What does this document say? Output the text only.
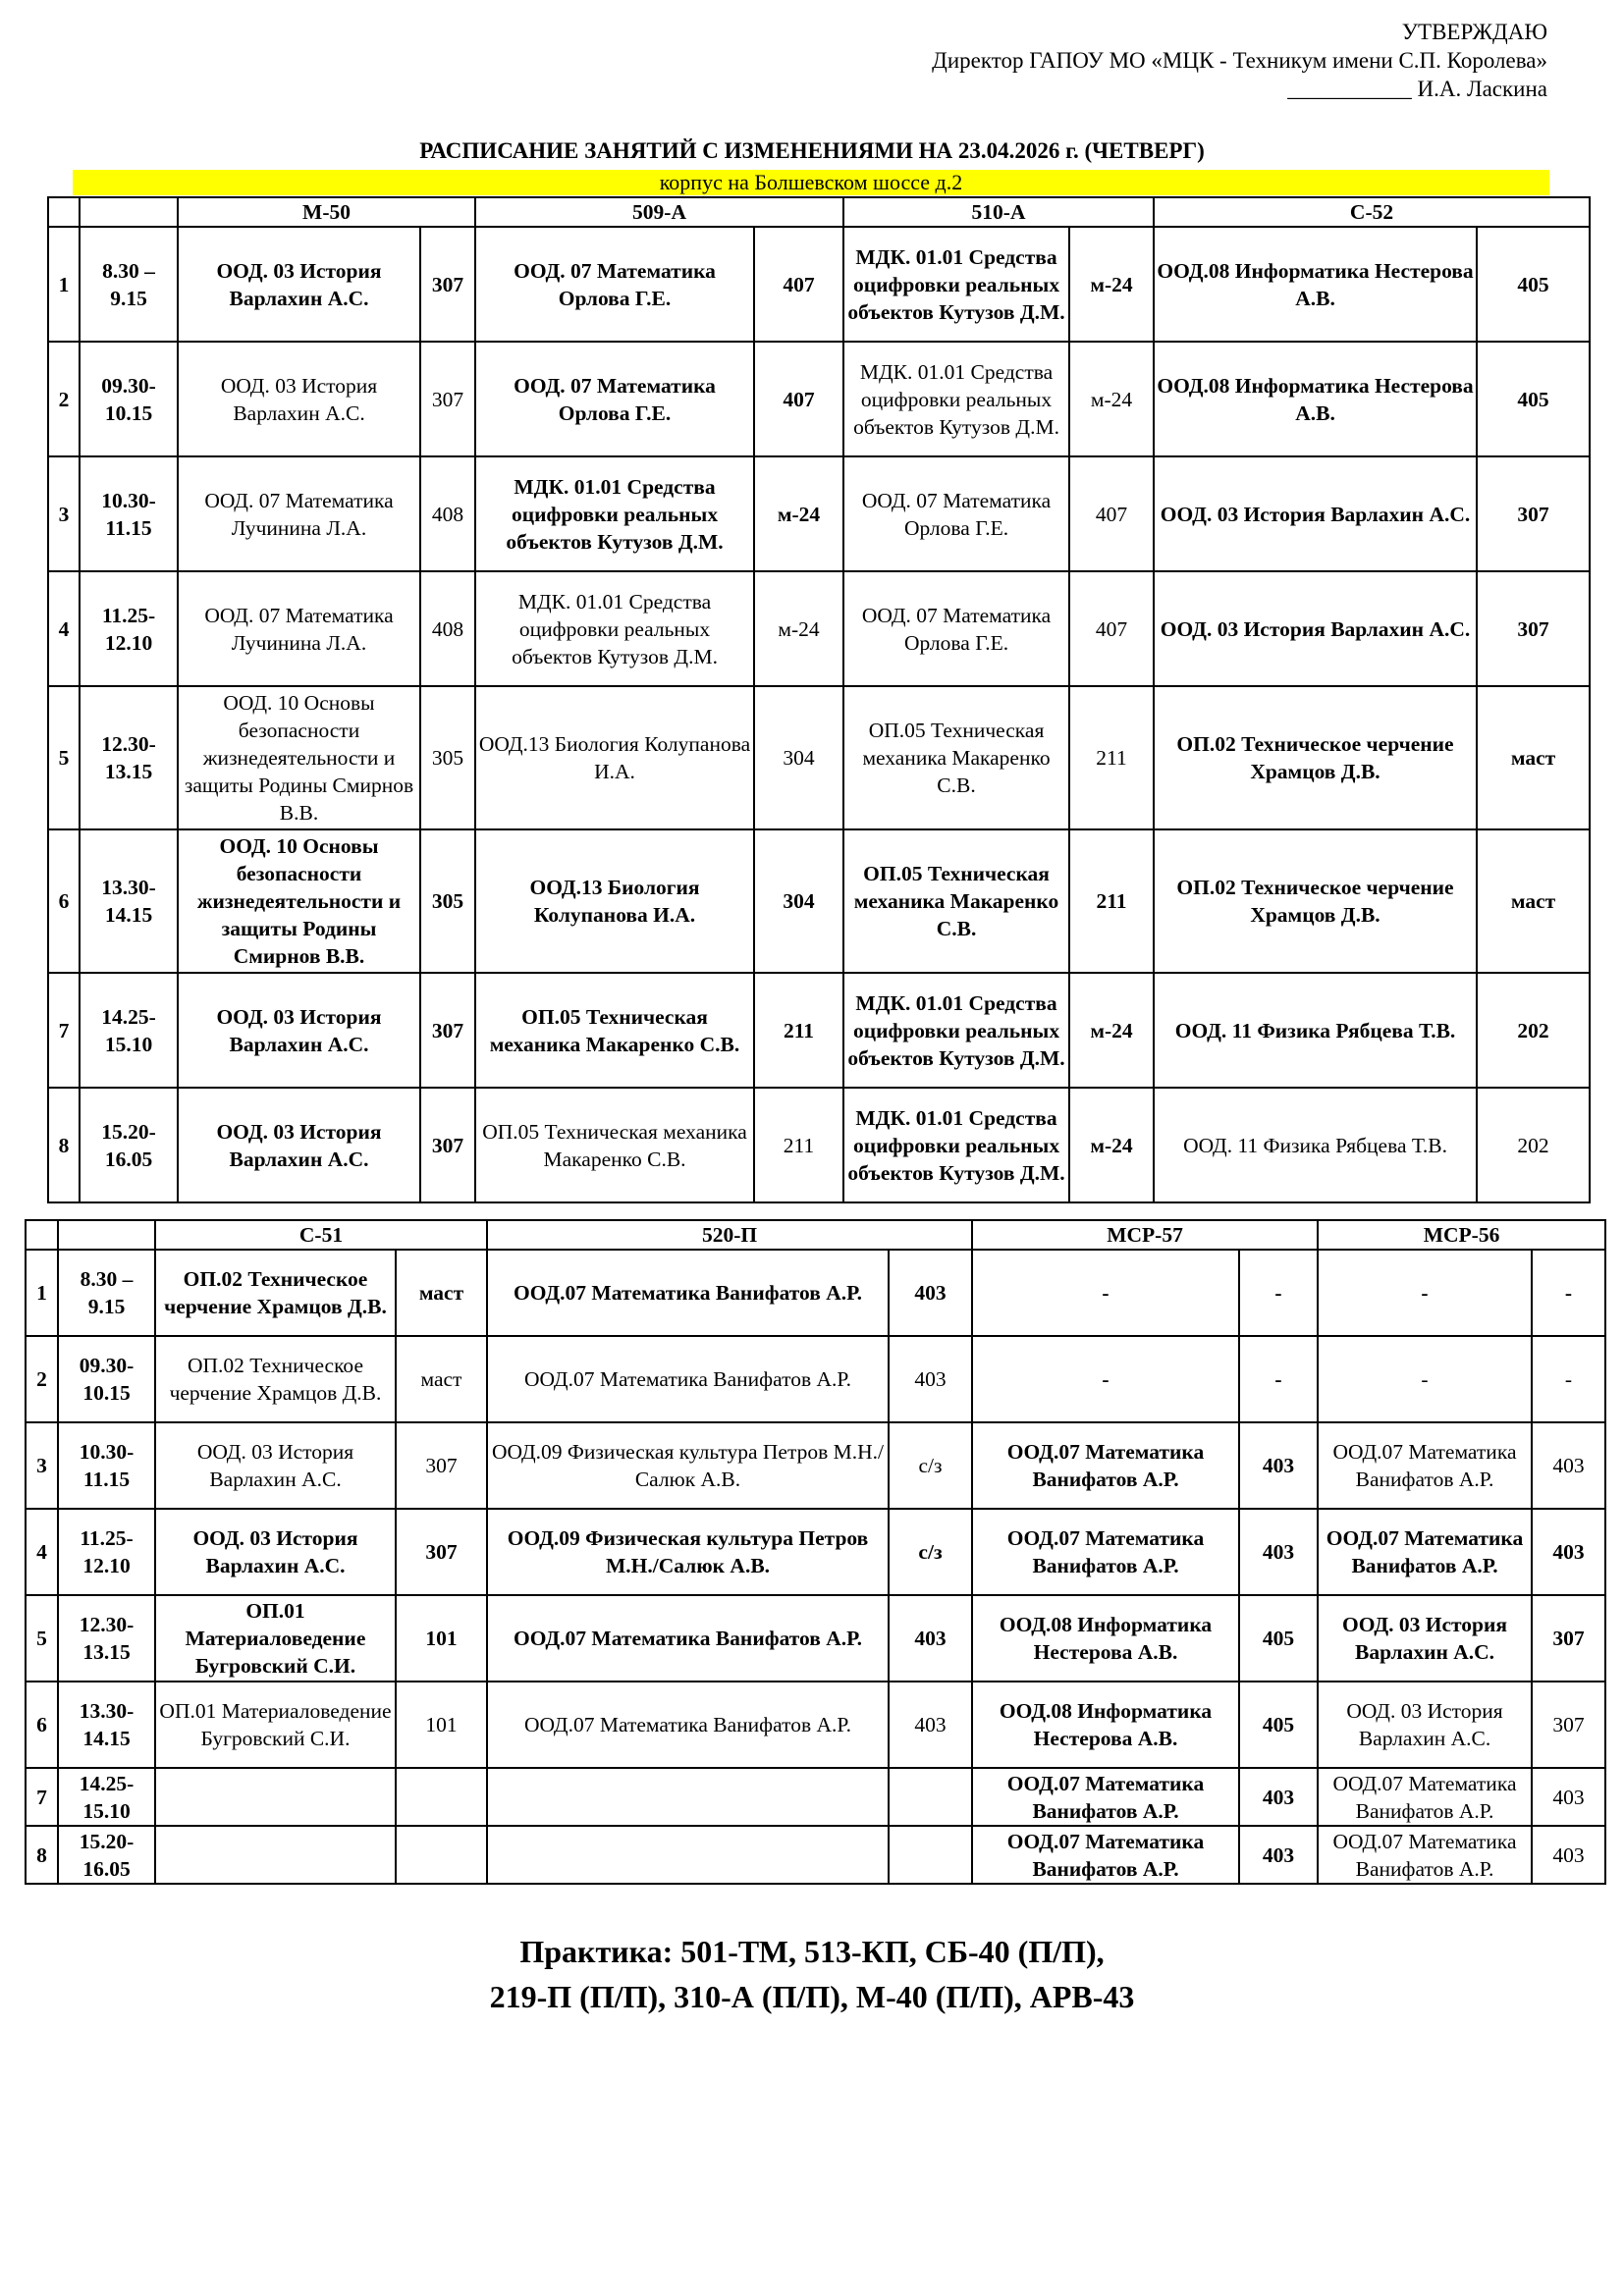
УТВЕРЖДАЮ
Директор ГАПОУ МО «МЦК - Техникум имени С.П. Королева»
___________ И.А. Ласкина
РАСПИСАНИЕ ЗАНЯТИЙ С ИЗМЕНЕНИЯМИ НА 23.04.2026 г. (ЧЕТВЕРГ)
корпус на Болшевском шоссе д.2
		М-50		509-А		510-А		С-52	
1	8.30 – 9.15	ООД. 03 История Варлахин А.С.	307	ООД. 07 Математика Орлова Г.Е.	407	МДК. 01.01 Средства оцифровки реальных объектов Кутузов Д.М.	м-24	ООД.08 Информатика Нестерова А.В.	405
2	09.30- 10.15	ООД. 03 История Варлахин А.С.	307	ООД. 07 Математика Орлова Г.Е.	407	МДК. 01.01 Средства оцифровки реальных объектов Кутузов Д.М.	м-24	ООД.08 Информатика Нестерова А.В.	405
3	10.30- 11.15	ООД. 07 Математика Лучинина Л.А.	408	МДК. 01.01 Средства оцифровки реальных объектов Кутузов Д.М.	м-24	ООД. 07 Математика Орлова Г.Е.	407	ООД. 03 История Варлахин А.С.	307
4	11.25- 12.10	ООД. 07 Математика Лучинина Л.А.	408	МДК. 01.01 Средства оцифровки реальных объектов Кутузов Д.М.	м-24	ООД. 07 Математика Орлова Г.Е.	407	ООД. 03 История Варлахин А.С.	307
5	12.30- 13.15	ООД. 10 Основы безопасности жизнедеятельности и защиты Родины Смирнов В.В.	305	ООД.13 Биология Колупанова И.А.	304	ОП.05 Техническая механика Макаренко С.В.	211	ОП.02 Техническое черчение Храмцов Д.В.	маст
6	13.30- 14.15	ООД. 10 Основы безопасности жизнедеятельности и защиты Родины Смирнов В.В.	305	ООД.13 Биология Колупанова И.А.	304	ОП.05 Техническая механика Макаренко С.В.	211	ОП.02 Техническое черчение Храмцов Д.В.	маст
7	14.25- 15.10	ООД. 03 История Варлахин А.С.	307	ОП.05 Техническая механика Макаренко С.В.	211	МДК. 01.01 Средства оцифровки реальных объектов Кутузов Д.М.	м-24	ООД. 11 Физика Рябцева Т.В.	202
8	15.20- 16.05	ООД. 03 История Варлахин А.С.	307	ОП.05 Техническая механика Макаренко С.В.	211	МДК. 01.01 Средства оцифровки реальных объектов Кутузов Д.М.	м-24	ООД. 11 Физика Рябцева Т.В.	202
		С-51		520-П		МСР-57		МСР-56	
1	8.30 – 9.15	ОП.02 Техническое черчение Храмцов Д.В.	маст	ООД.07 Математика Ванифатов А.Р.	403	-	-	-	-
2	09.30- 10.15	ОП.02 Техническое черчение Храмцов Д.В.	маст	ООД.07 Математика Ванифатов А.Р.	403	-	-	-	-
3	10.30- 11.15	ООД. 03 История Варлахин А.С.	307	ООД.09 Физическая культура Петров М.Н./Салюк А.В.	с/з	ООД.07 Математика Ванифатов А.Р.	403	ООД.07 Математика Ванифатов А.Р.	403
4	11.25- 12.10	ООД. 03 История Варлахин А.С.	307	ООД.09 Физическая культура Петров М.Н./Салюк А.В.	с/з	ООД.07 Математика Ванифатов А.Р.	403	ООД.07 Математика Ванифатов А.Р.	403
5	12.30- 13.15	ОП.01 Материаловедение Бугровский С.И.	101	ООД.07 Математика Ванифатов А.Р.	403	ООД.08 Информатика Нестерова А.В.	405	ООД. 03 История Варлахин А.С.	307
6	13.30- 14.15	ОП.01 Материаловедение Бугровский С.И.	101	ООД.07 Математика Ванифатов А.Р.	403	ООД.08 Информатика Нестерова А.В.	405	ООД. 03 История Варлахин А.С.	307
7	14.25- 15.10					ООД.07 Математика Ванифатов А.Р.	403	ООД.07 Математика Ванифатов А.Р.	403
8	15.20- 16.05					ООД.07 Математика Ванифатов А.Р.	403	ООД.07 Математика Ванифатов А.Р.	403
Практика: 501-ТМ, 513-КП, СБ-40 (П/П),
219-П (П/П), 310-А (П/П), М-40 (П/П), АРВ-43
